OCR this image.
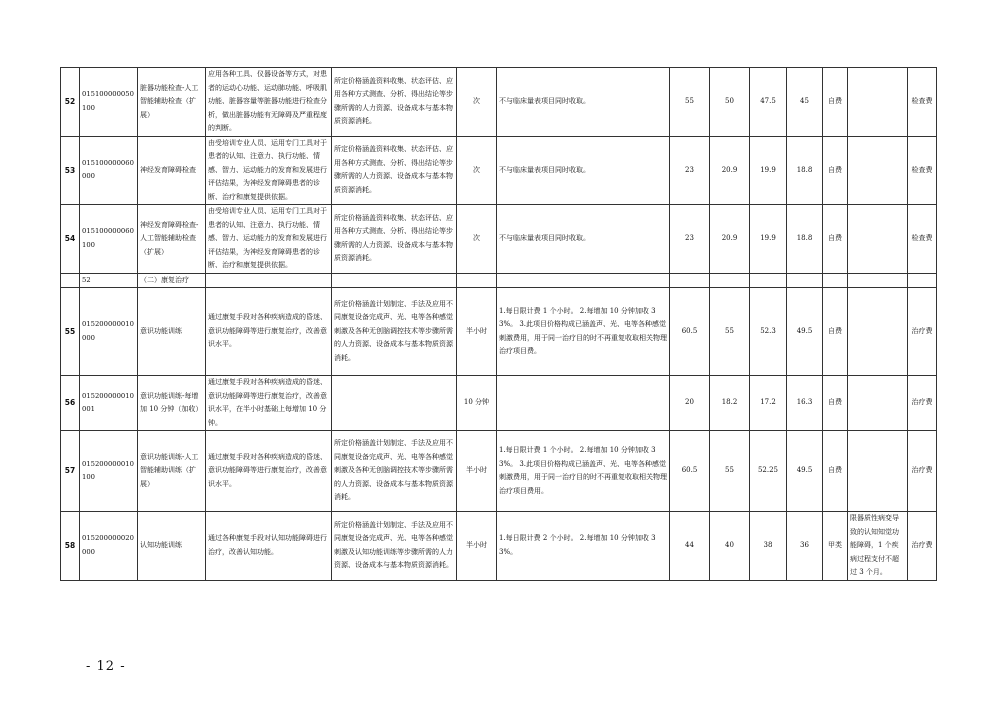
52	015100000050100	脏器功能检查-人工智能辅助检查（扩展）	应用各种工具、仪器设备等方式，对患者的运动心功能、运动肺功能、呼吸肌功能、脏器容量等脏器功能进行检查分析，做出脏器功能有无障碍及严重程度的判断。	所定价格涵盖资料收集、状态评估、应用各种方式测查、分析、得出结论等步骤所需的人力资源、设备成本与基本物质资源消耗。	次	不与临床量表项目同时收取。	55	50	47.5	45	自费		检查费
53	015100000060000	神经发育障碍检查	由受培训专业人员、运用专门工具对于患者的认知、注意力、执行功能、情感、智力、运动能力的发育和发展进行评估结果，为神经发育障碍患者的诊断、治疗和康复提供依据。	所定价格涵盖资料收集、状态评估、应用各种方式测查、分析、得出结论等步骤所需的人力资源、设备成本与基本物质资源消耗。	次	不与临床量表项目同时收取。	23	20.9	19.9	18.8	自费		检查费
54	015100000060100	神经发育障碍检查-人工智能辅助检查（扩展）	由受培训专业人员、运用专门工具对于患者的认知、注意力、执行功能、情感、智力、运动能力的发育和发展进行评估结果，为神经发育障碍患者的诊断、治疗和康复提供依据。	所定价格涵盖资料收集、状态评估、应用各种方式测查、分析、得出结论等步骤所需的人力资源、设备成本与基本物质资源消耗。	次	不与临床量表项目同时收取。	23	20.9	19.9	18.8	自费		检查费
	52	（二）康复治疗											
55	015200000010000	意识功能训练	通过康复手段对各种疾病造成的昏迷、意识功能障碍等进行康复治疗，改善意识水平。	所定价格涵盖计划制定、手法及应用不同康复设备完成声、光、电等各种感觉刺激及各种无创脑调控技术等步骤所需的人力资源、设备成本与基本物质资源消耗。	半小时	1.每日限计费 1 个小时。 2.每增加 10 分钟加收 33%。 3.此项目价格构成已涵盖声、光、电等各种感觉刺激费用，用于同一治疗目的时不再重复收取相关物理治疗项目费。	60.5	55	52.3	49.5	自费		治疗费
56	015200000010001	意识功能训练-每增加 10 分钟（加收）	通过康复手段对各种疾病造成的昏迷、意识功能障碍等进行康复治疗，改善意识水平，在半小时基础上每增加 10 分钟。		10 分钟		20	18.2	17.2	16.3	自费		治疗费
57	015200000010100	意识功能训练-人工智能辅助训练（扩展）	通过康复手段对各种疾病造成的昏迷、意识功能障碍等进行康复治疗，改善意识水平。	所定价格涵盖计划制定、手法及应用不同康复设备完成声、光、电等各种感觉刺激及各种无创脑调控技术等步骤所需的人力资源、设备成本与基本物质资源消耗。	半小时	1.每日限计费 1 个小时。 2.每增加 10 分钟加收 33%。 3.此项目价格构成已涵盖声、光、电等各种感觉刺激费用，用于同一治疗目的时不再重复收取相关物理治疗项目费用。	60.5	55	52.25	49.5	自费		治疗费
58	015200000020000	认知功能训练	通过各种康复手段对认知功能障碍进行治疗，改善认知功能。	所定价格涵盖计划制定、手法及应用不同康复设备完成声、光、电等各种感觉刺激及认知功能训练等步骤所需的人力资源、设备成本与基本物质资源消耗。	半小时	1.每日限计费 2 个小时。 2.每增加 10 分钟加收 33%。	44	40	38	36	甲类	限器质性病变导致的认知知觉功能障碍，1 个疾病过程支付不超过 3 个月。	治疗费
- 12 -
